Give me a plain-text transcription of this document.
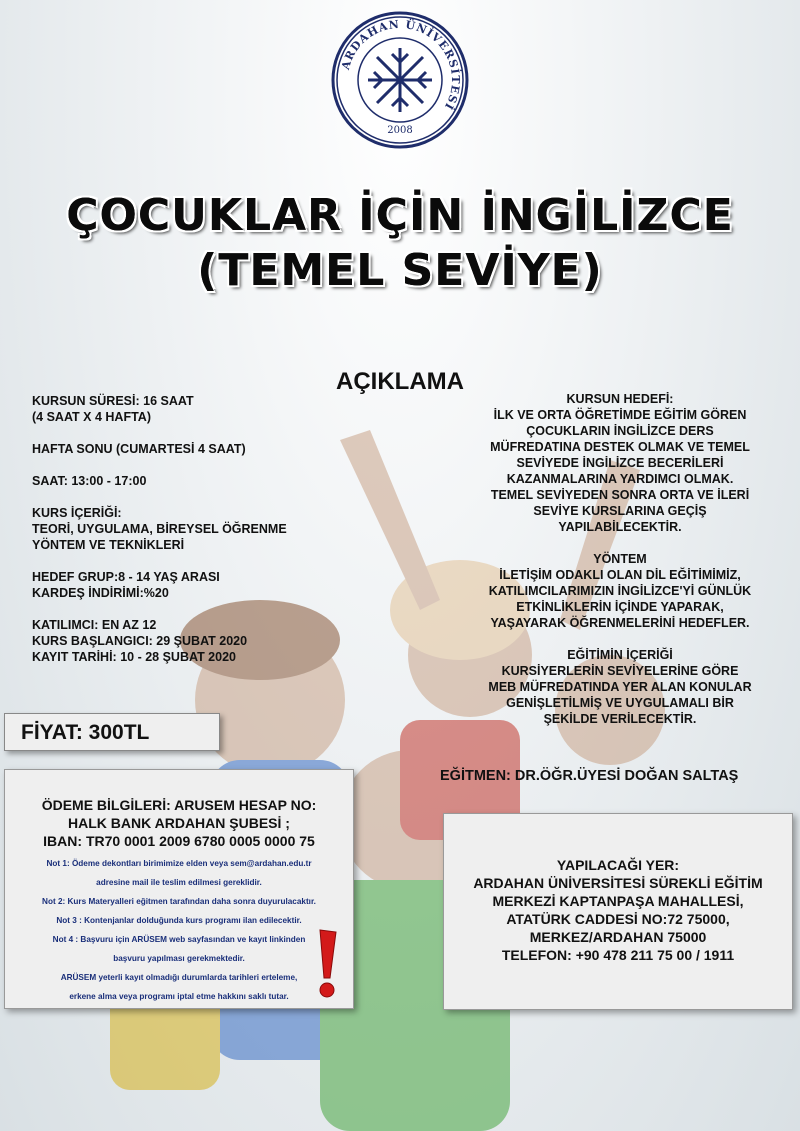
ARDAHAN ÜNİVERSİTESİ
2008
ÇOCUKLAR İÇİN İNGİLİZCE
(TEMEL SEVİYE)
AÇIKLAMA
KURSUN SÜRESİ: 16 SAAT
(4 SAAT X 4 HAFTA)
HAFTA SONU (CUMARTESİ 4 SAAT)
SAAT: 13:00 - 17:00
KURS İÇERİĞİ:
TEORİ, UYGULAMA, BİREYSEL ÖĞRENME
YÖNTEM VE TEKNİKLERİ
HEDEF GRUP:8 - 14 YAŞ ARASI
KARDEŞ İNDİRİMİ:%20
KATILIMCI: EN AZ 12
KURS BAŞLANGICI: 29 ŞUBAT 2020
KAYIT TARİHİ: 10 - 28 ŞUBAT 2020
KURSUN HEDEFİ:
İLK VE ORTA ÖĞRETİMDE EĞİTİM GÖREN
ÇOCUKLARIN İNGİLİZCE DERS
MÜFREDATINA DESTEK OLMAK VE TEMEL
SEVİYEDE İNGİLİZCE BECERİLERİ
KAZANMALARINA YARDIMCI OLMAK.
TEMEL SEVİYEDEN SONRA ORTA VE İLERİ
SEVİYE KURSLARINA GEÇİŞ
YAPILABİLECEKTİR.
YÖNTEM
İLETİŞİM ODAKLI OLAN DİL EĞİTİMİMİZ,
KATILIMCILARIMIZIN İNGİLİZCE'Yİ GÜNLÜK
ETKİNLİKLERİN İÇİNDE YAPARAK,
YAŞAYARAK ÖĞRENMELERİNİ HEDEFLER.
EĞİTİMİN İÇERİĞİ
KURSİYERLERİN SEVİYELERİNE GÖRE
MEB MÜFREDATINDA YER ALAN KONULAR
GENİŞLETİLMİŞ VE UYGULAMALI BİR
ŞEKİLDE VERİLECEKTİR.
FİYAT: 300TL
EĞİTMEN: DR.ÖĞR.ÜYESİ DOĞAN SALTAŞ
ÖDEME BİLGİLERİ: ARUSEM HESAP NO:
HALK BANK ARDAHAN ŞUBESİ ;
IBAN: TR70 0001 2009 6780 0005 0000 75
Not 1: Ödeme dekontları birimimize elden veya sem@ardahan.edu.tr
adresine mail ile teslim edilmesi gereklidir.
Not 2: Kurs Materyalleri eğitmen tarafından daha sonra duyurulacaktır.
Not 3 : Kontenjanlar dolduğunda kurs programı ilan edilecektir.
Not 4 : Başvuru için ARÜSEM web sayfasından ve kayıt linkinden
başvuru yapılması gerekmektedir.
ARÜSEM yeterli kayıt olmadığı durumlarda tarihleri erteleme,
erkene alma veya programı iptal etme hakkını saklı tutar.
YAPILACAĞI YER:
ARDAHAN ÜNİVERSİTESİ SÜREKLİ EĞİTİM
MERKEZİ KAPTANPAŞA MAHALLESİ,
ATATÜRK CADDESİ NO:72 75000,
MERKEZ/ARDAHAN 75000
TELEFON: +90 478 211 75 00 / 1911
